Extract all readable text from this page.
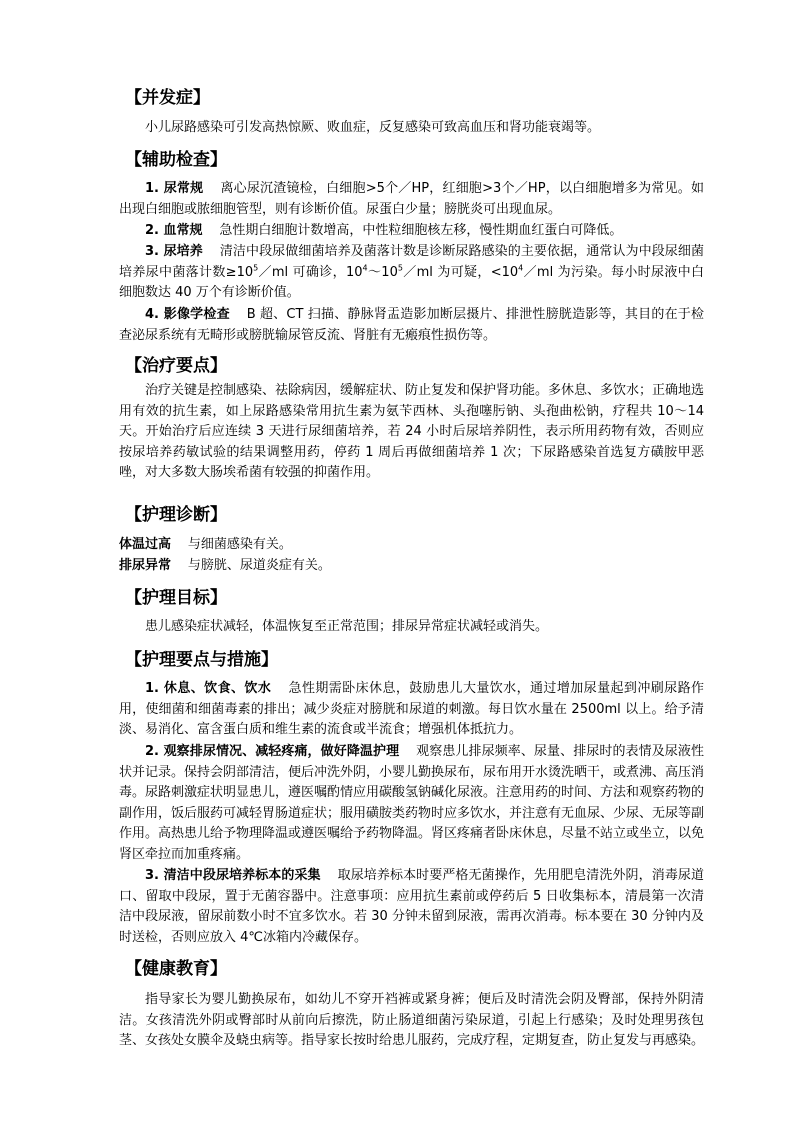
【并发症】
小儿尿路感染可引发高热惊厥、败血症，反复感染可致高血压和肾功能衰竭等。
【辅助检查】
1. 尿常规 离心尿沉渣镜检，白细胞>5个／HP，红细胞>3个／HP，以白细胞增多为常见。如出现白细胞或脓细胞管型，则有诊断价值。尿蛋白少量；膀胱炎可出现血尿。
2. 血常规 急性期白细胞计数增高，中性粒细胞核左移，慢性期血红蛋白可降低。
3. 尿培养 清洁中段尿做细菌培养及菌落计数是诊断尿路感染的主要依据，通常认为中段尿细菌培养尿中菌落计数$\ge 10^5/ml$ 可确诊，$10^4\sim 10^5/ml$ 为可疑，$<10^4/ml$ 为污染。每小时尿液中白细胞数达 40 万个有诊断价值。
4. 影像学检查 B 超、CT 扫描、静脉肾盂造影加断层摄片、排泄性膀胱造影等，其目的在于检查泌尿系统有无畸形或膀胱输尿管反流、肾脏有无瘢痕性损伤等。
【治疗要点】
治疗关键是控制感染、祛除病因，缓解症状、防止复发和保护肾功能。多休息、多饮水；正确地选用有效的抗生素，如上尿路感染常用抗生素为氨苄西林、头孢噻肟钠、头孢曲松钠，疗程共 10～14 天。开始治疗后应连续 3 天进行尿细菌培养，若 24 小时后尿培养阴性，表示所用药物有效，否则应按尿培养药敏试验的结果调整用药，停药 1 周后再做细菌培养 1 次；下尿路感染首选复方磺胺甲恶唑，对大多数大肠埃希菌有较强的抑菌作用。
【护理诊断】
体温过高 与细菌感染有关。
排尿异常 与膀胱、尿道炎症有关。
【护理目标】
患儿感染症状减轻，体温恢复至正常范围；排尿异常症状减轻或消失。
【护理要点与措施】
1. 休息、饮食、饮水 急性期需卧床休息，鼓励患儿大量饮水，通过增加尿量起到冲刷尿路作用，使细菌和细菌毒素的排出；减少炎症对膀胱和尿道的刺激。每日饮水量在 2500ml 以上。给予清淡、易消化、富含蛋白质和维生素的流食或半流食；增强机体抵抗力。
2. 观察排尿情况、减轻疼痛，做好降温护理 观察患儿排尿频率、尿量、排尿时的表情及尿液性状并记录。保持会阴部清洁，便后冲洗外阴，小婴儿勤换尿布，尿布用开水烫洗晒干，或煮沸、高压消毒。尿路刺激症状明显患儿，遵医嘱酌情应用碳酸氢钠碱化尿液。注意用药的时间、方法和观察药物的副作用，饭后服药可减轻胃肠道症状；服用磺胺类药物时应多饮水，并注意有无血尿、少尿、无尿等副作用。高热患儿给予物理降温或遵医嘱给予药物降温。肾区疼痛者卧床休息，尽量不站立或坐立，以免肾区牵拉而加重疼痛。
3. 清洁中段尿培养标本的采集 取尿培养标本时要严格无菌操作，先用肥皂清洗外阴，消毒尿道口、留取中段尿，置于无菌容器中。注意事项：应用抗生素前或停药后 5 日收集标本，清晨第一次清洁中段尿液，留尿前数小时不宜多饮水。若 30 分钟未留到尿液，需再次消毒。标本要在 30 分钟内及时送检，否则应放入 4℃冰箱内冷藏保存。
【健康教育】
指导家长为婴儿勤换尿布，如幼儿不穿开裆裤或紧身裤；便后及时清洗会阴及臀部，保持外阴清洁。女孩清洗外阴或臀部时从前向后擦洗，防止肠道细菌污染尿道，引起上行感染；及时处理男孩包茎、女孩处女膜伞及蛲虫病等。指导家长按时给患儿服药，完成疗程，定期复查，防止复发与再感染。
